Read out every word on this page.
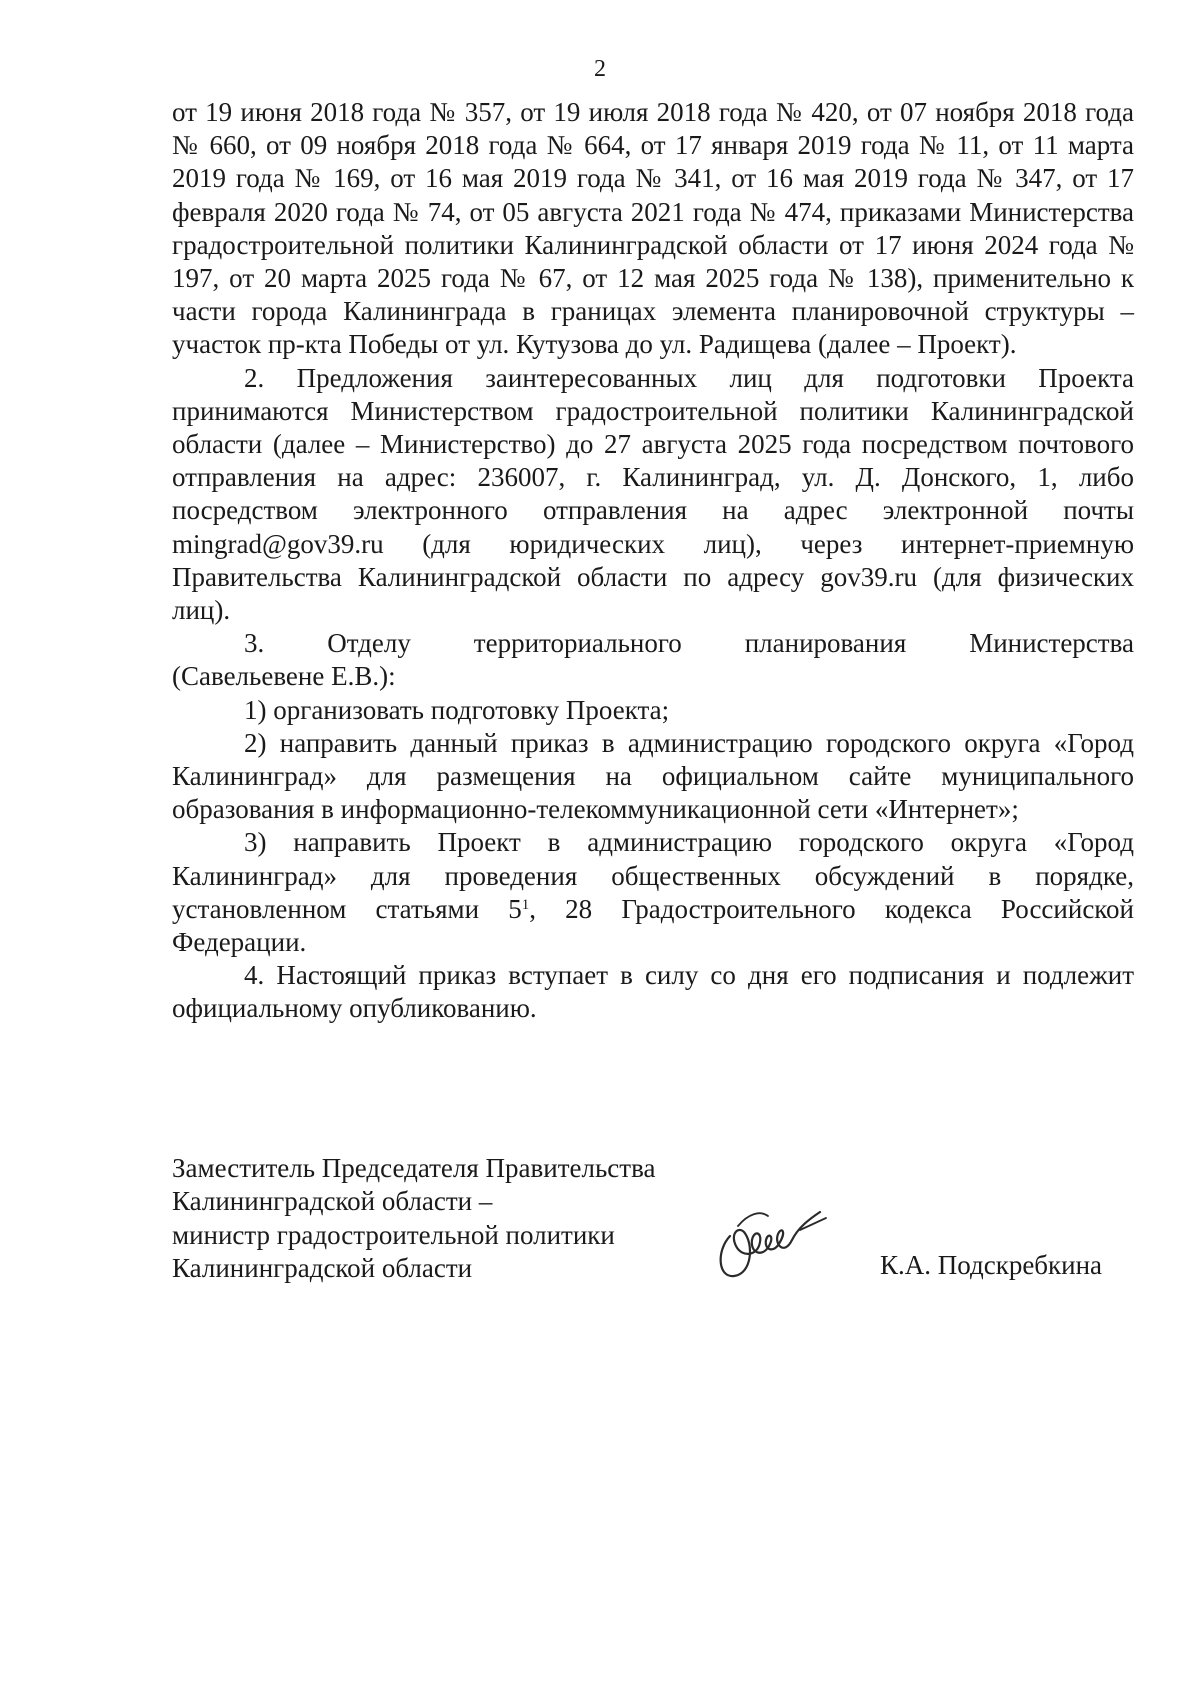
2

от 19 июня 2018 года № 357, от 19 июля 2018 года № 420, от 07 ноября 2018 года № 660, от 09 ноября 2018 года № 664, от 17 января 2019 года № 11, от 11 марта 2019 года № 169, от 16 мая 2019 года № 341, от 16 мая 2019 года № 347, от 17 февраля 2020 года № 74, от 05 августа 2021 года № 474, приказами Министерства градостроительной политики Калининградской области от 17 июня 2024 года № 197, от 20 марта 2025 года № 67, от 12 мая 2025 года № 138), применительно к части города Калининграда в границах элемента планировочной структуры – участок пр-кта Победы от ул. Кутузова до ул. Радищева (далее – Проект).

2. Предложения заинтересованных лиц для подготовки Проекта принимаются Министерством градостроительной политики Калининградской области (далее – Министерство) до 27 августа 2025 года посредством почтового отправления на адрес: 236007, г. Калининград, ул. Д. Донского, 1, либо посредством электронного отправления на адрес электронной почты mingrad@gov39.ru (для юридических лиц), через интернет-приемную Правительства Калининградской области по адресу gov39.ru (для физических лиц).

3. Отделу территориального планирования Министерства

(Савельевене Е.В.):

1) организовать подготовку Проекта;

2) направить данный приказ в администрацию городского округа «Город Калининград» для размещения на официальном сайте муниципального образования в информационно-телекоммуникационной сети «Интернет»;

3) направить Проект в администрацию городского округа «Город Калининград» для проведения общественных обсуждений в порядке, установленном статьями $5^1$, 28 Градостроительного кодекса Российской Федерации.

4. Настоящий приказ вступает в силу со дня его подписания и подлежит официальному опубликованию.

Заместитель Председателя Правительства
Калининградской области –
министр градостроительной политики
Калининградской области	К.А. Подскребкина
